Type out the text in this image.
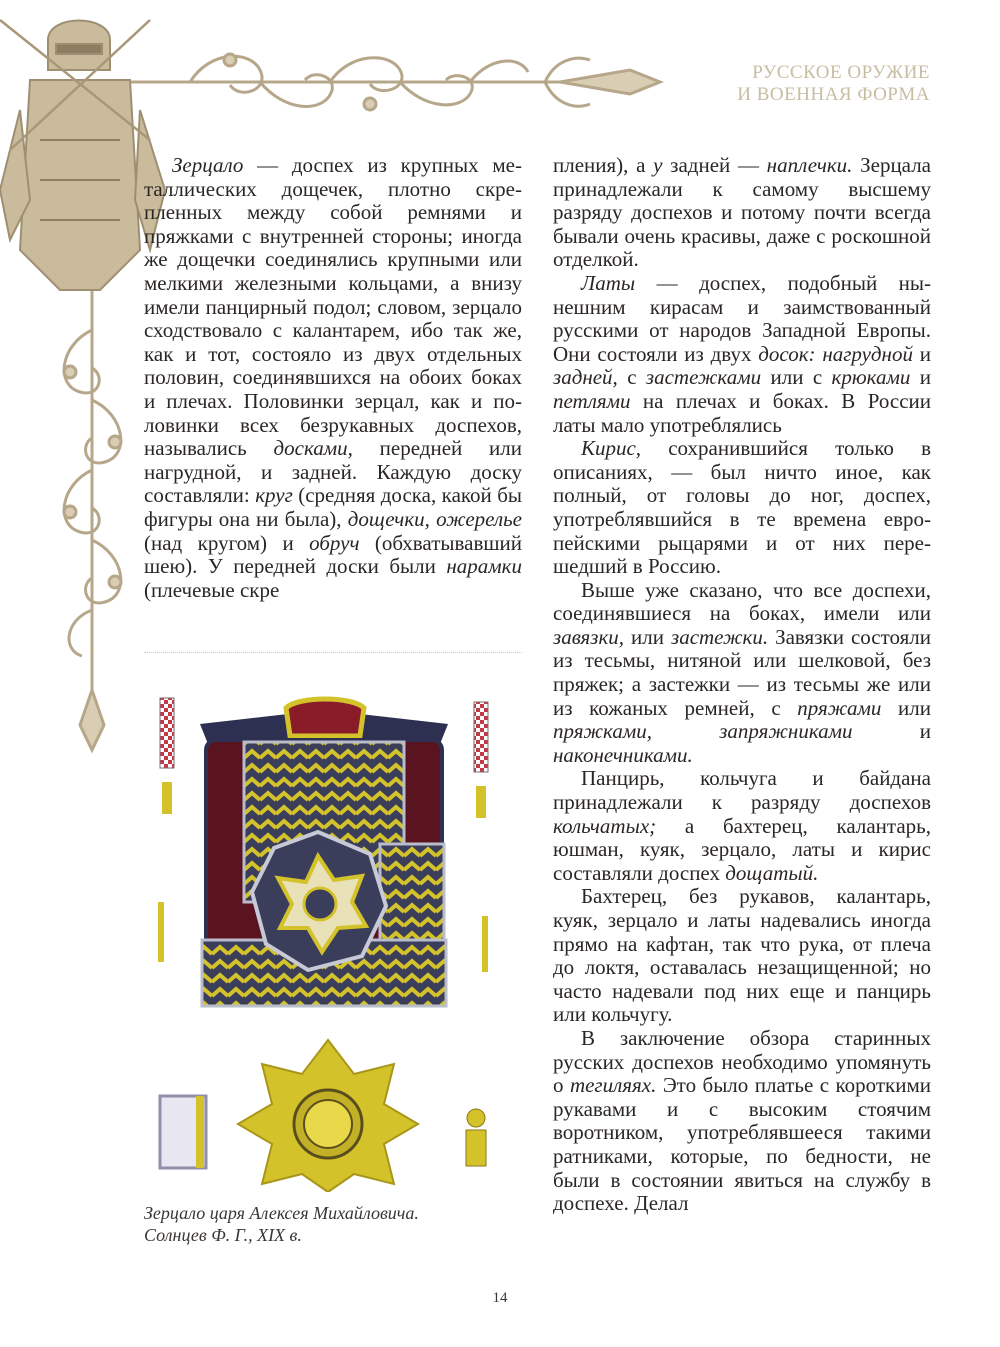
РУССКОЕ ОРУЖИЕ
И ВОЕННАЯ ФОРМА

Зерцало — доспех из крупных металлических дощечек, плотно скрепленных между собой ремнями и пряжками с внутренней стороны; иногда же дощечки соединялись крупными или мелкими железными кольцами, а внизу имели панцирный подол; словом, зерцало сходствовало с калантарем, ибо так же, как и тот, состояло из двух отдельных половин, соединявшихся на обоих боках и плечах. Половинки зерцал, как и половинки всех безрукавных доспехов, назывались досками, передней или нагрудной, и задней. Каждую доску составляли: круг (средняя доска, какой бы фигуры она ни была), дощечки, ожерелье (над кругом) и обруч (обхватывавший шею). У передней доски были нарамки (плечевые скре

пления), а у задней — наплечки. Зерцала принадлежали к самому высшему разряду доспехов и потому почти всегда бывали очень красивы, даже с роскошной отделкой.

Латы — доспех, подобный нынешним кирасам и заимствованный русскими от народов Западной Европы. Они состояли из двух досок: нагрудной и задней, с застежками или с крюками и петлями на плечах и боках. В России латы мало употреблялись

Кирис, сохранившийся только в описаниях, — был ничто иное, как полный, от головы до ног, доспех, употреблявшийся в те времена европейскими рыцарями и от них перешедший в Россию.

Выше уже сказано, что все доспехи, соединявшиеся на боках, имели или завязки, или застежки. Завязки состояли из тесьмы, нитяной или шелковой, без пряжек; а застежки — из тесьмы же или из кожаных ремней, с пряжами или пряжками, запряжниками и наконечниками.

Панцирь, кольчуга и байдана принадлежали к разряду доспехов кольчатых; а бахтерец, калантарь, юшман, куяк, зерцало, латы и кирис составляли доспех дощатый.

Бахтерец, без рукавов, калантарь, куяк, зерцало и латы надевались иногда прямо на кафтан, так что рука, от плеча до локтя, оставалась незащищенной; но часто надевали под них еще и панцирь или кольчугу.

В заключение обзора старинных русских доспехов необходимо упомянуть о тегиляях. Это было платье с короткими рукавами и с высоким стоячим воротником, употреблявшееся такими ратниками, которые, по бедности, не были в состоянии явиться на службу в доспехе. Делал

Зерцало царя Алексея Михайловича.
Солнцев Ф. Г., XIX в.
14
